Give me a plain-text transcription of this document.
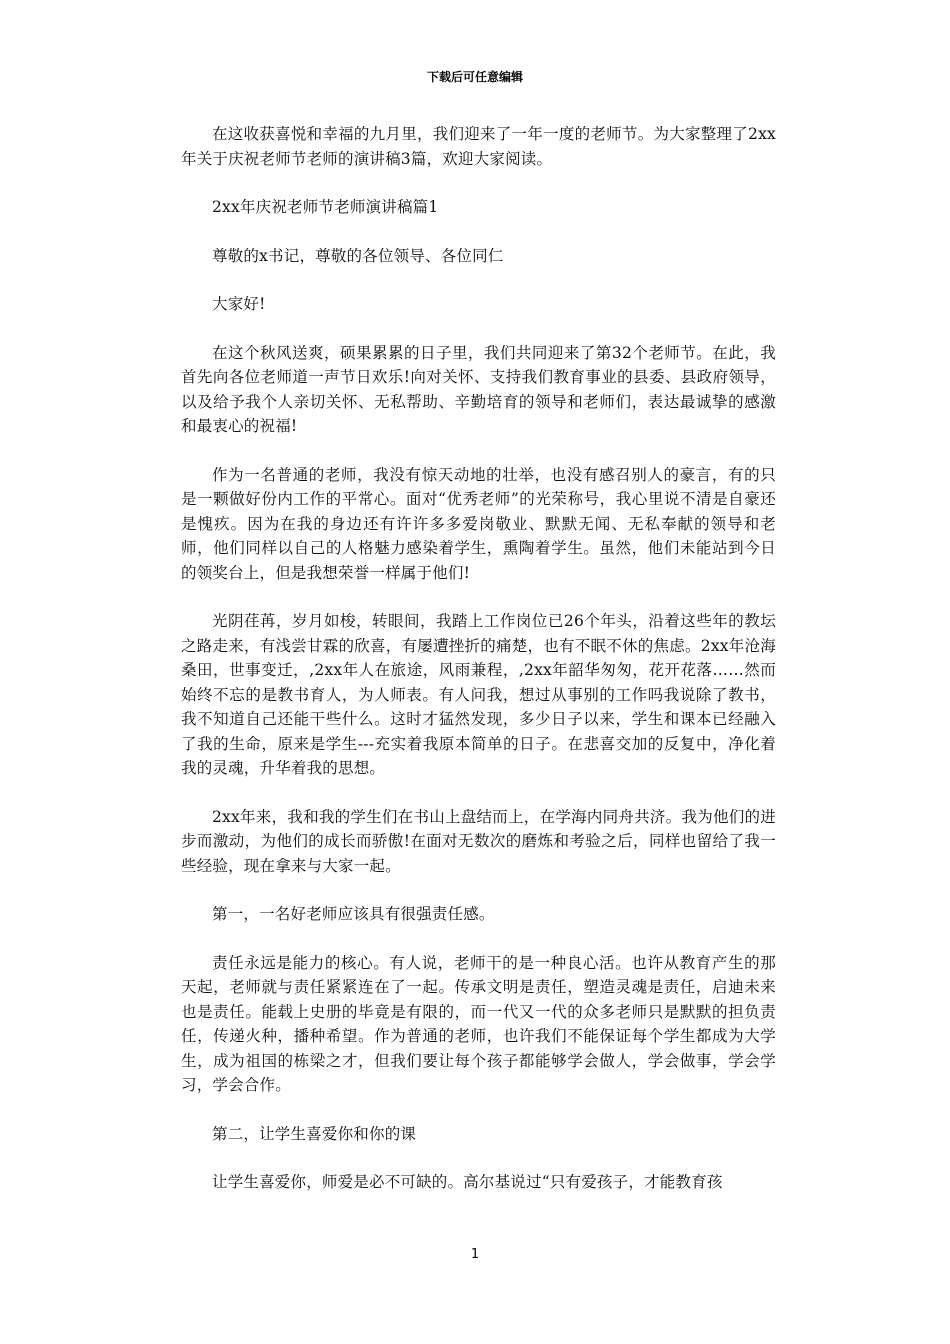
下载后可任意编辑

在这收获喜悦和幸福的九月里，我们迎来了一年一度的老师节。为大家整理了2xx年关于庆祝老师节老师的演讲稿3篇，欢迎大家阅读。

2xx年庆祝老师节老师演讲稿篇1

尊敬的x书记，尊敬的各位领导、各位同仁

大家好!

在这个秋风送爽，硕果累累的日子里，我们共同迎来了第32个老师节。在此，我首先向各位老师道一声节日欢乐!向对关怀、支持我们教育事业的县委、县政府领导，以及给予我个人亲切关怀、无私帮助、辛勤培育的领导和老师们，表达最诚挚的感激和最衷心的祝福!

作为一名普通的老师，我没有惊天动地的壮举，也没有感召别人的豪言，有的只是一颗做好份内工作的平常心。面对“优秀老师”的光荣称号，我心里说不清是自豪还是愧疚。因为在我的身边还有许许多多爱岗敬业、默默无闻、无私奉献的领导和老师，他们同样以自己的人格魅力感染着学生，熏陶着学生。虽然，他们未能站到今日的领奖台上，但是我想荣誉一样属于他们!

光阴荏苒，岁月如梭，转眼间，我踏上工作岗位已26个年头，沿着这些年的教坛之路走来，有浅尝甘霖的欣喜，有屡遭挫折的痛楚，也有不眠不休的焦虑。2xx年沧海桑田，世事变迁，,2xx年人在旅途，风雨兼程，,2xx年韶华匆匆，花开花落……然而始终不忘的是教书育人，为人师表。有人问我，想过从事别的工作吗我说除了教书，我不知道自己还能干些什么。这时才猛然发现，多少日子以来，学生和课本已经融入了我的生命，原来是学生---充实着我原本简单的日子。在悲喜交加的反复中，净化着我的灵魂，升华着我的思想。

2xx年来，我和我的学生们在书山上盘结而上，在学海内同舟共济。我为他们的进步而激动，为他们的成长而骄傲!在面对无数次的磨炼和考验之后，同样也留给了我一些经验，现在拿来与大家一起。

第一，一名好老师应该具有很强责任感。

责任永远是能力的核心。有人说，老师干的是一种良心活。也许从教育产生的那天起，老师就与责任紧紧连在了一起。传承文明是责任，塑造灵魂是责任，启迪未来也是责任。能载上史册的毕竟是有限的，而一代又一代的众多老师只是默默的担负责任，传递火种，播种希望。作为普通的老师，也许我们不能保证每个学生都成为大学生，成为祖国的栋梁之才，但我们要让每个孩子都能够学会做人，学会做事，学会学习，学会合作。

第二，让学生喜爱你和你的课

让学生喜爱你，师爱是必不可缺的。高尔基说过“只有爱孩子，才能教育孩

1
